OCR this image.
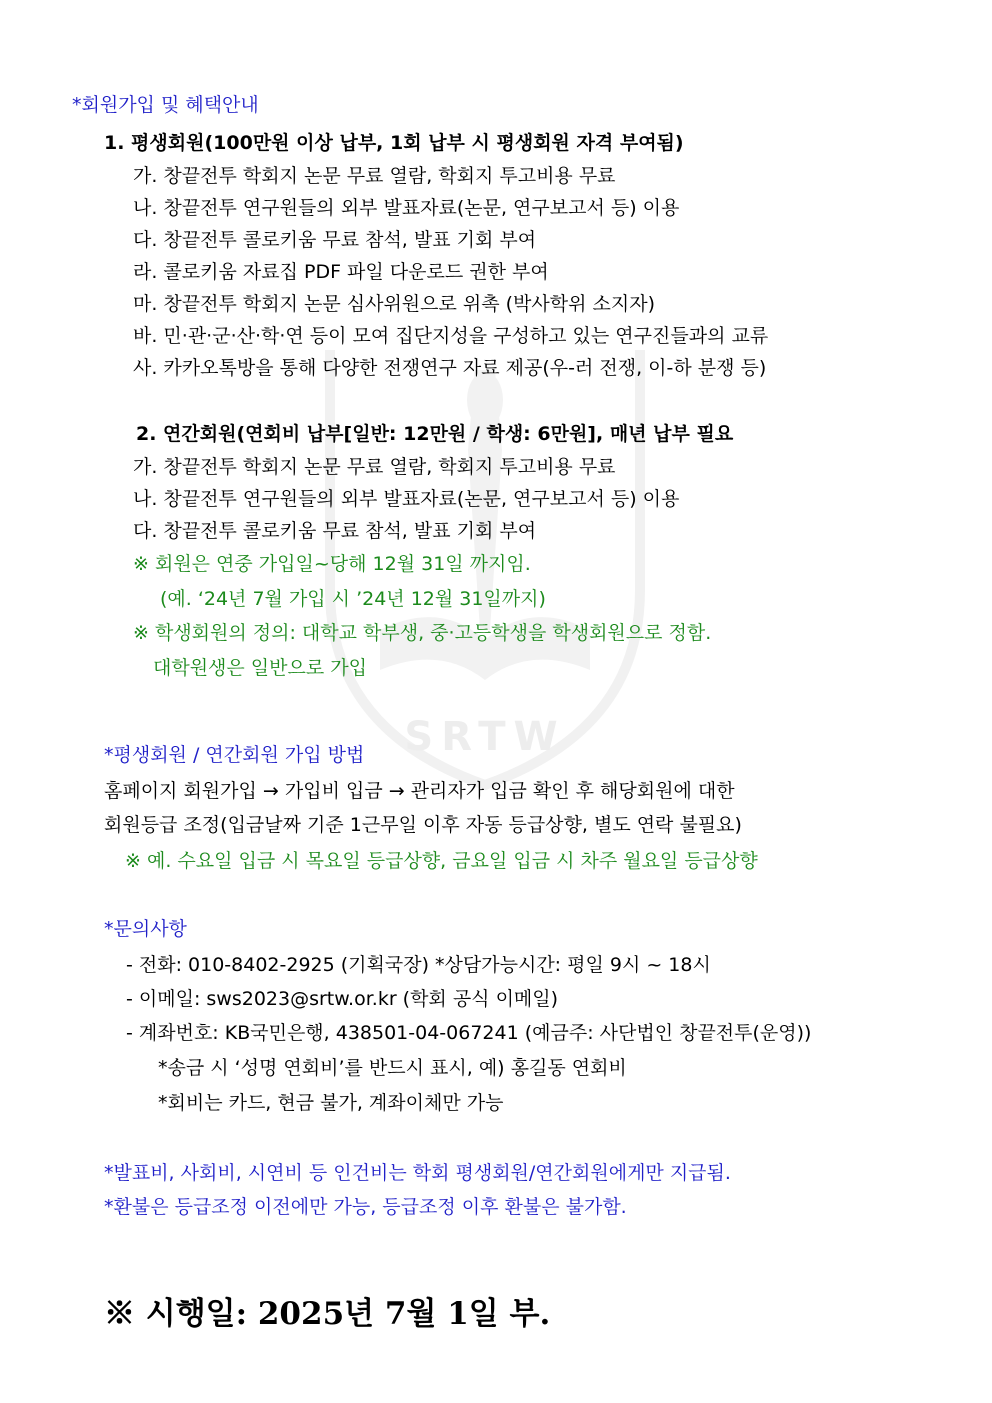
SRTW
*회원가입 및 혜택안내
1. 평생회원(100만원 이상 납부, 1회 납부 시 평생회원 자격 부여됨)
가. 창끝전투 학회지 논문 무료 열람, 학회지 투고비용 무료
나. 창끝전투 연구원들의 외부 발표자료(논문, 연구보고서 등) 이용
다. 창끝전투 콜로키움 무료 참석, 발표 기회 부여
라. 콜로키움 자료집 PDF 파일 다운로드 권한 부여
마. 창끝전투 학회지 논문 심사위원으로 위촉 (박사학위 소지자)
바. 민·관·군·산·학·연 등이 모여 집단지성을 구성하고 있는 연구진들과의 교류
사. 카카오톡방을 통해 다양한 전쟁연구 자료 제공(우-러 전쟁, 이-하 분쟁 등)
2. 연간회원(연회비 납부[일반: 12만원 / 학생: 6만원], 매년 납부 필요
가. 창끝전투 학회지 논문 무료 열람, 학회지 투고비용 무료
나. 창끝전투 연구원들의 외부 발표자료(논문, 연구보고서 등) 이용
다. 창끝전투 콜로키움 무료 참석, 발표 기회 부여
※ 회원은 연중 가입일~당해 12월 31일 까지임.
(예. ‘24년 7월 가입 시 ’24년 12월 31일까지)
※ 학생회원의 정의: 대학교 학부생, 중·고등학생을 학생회원으로 정함.
대학원생은 일반으로 가입
*평생회원 / 연간회원 가입 방법
홈페이지 회원가입 → 가입비 입금 → 관리자가 입금 확인 후 해당회원에 대한
회원등급 조정(입금날짜 기준 1근무일 이후 자동 등급상향, 별도 연락 불필요)
※ 예. 수요일 입금 시 목요일 등급상향, 금요일 입금 시 차주 월요일 등급상향
*문의사항
- 전화: 010-8402-2925 (기획국장) *상담가능시간: 평일 9시 ~ 18시
- 이메일: sws2023@srtw.or.kr (학회 공식 이메일)
- 계좌번호: KB국민은행, 438501-04-067241 (예금주: 사단법인 창끝전투(운영))
*송금 시 ‘성명 연회비’를 반드시 표시, 예) 홍길동 연회비
*회비는 카드, 현금 불가, 계좌이체만 가능
*발표비, 사회비, 시연비 등 인건비는 학회 평생회원/연간회원에게만 지급됨.
*환불은 등급조정 이전에만 가능, 등급조정 이후 환불은 불가함.
※ 시행일: 2025년 7월 1일 부.
